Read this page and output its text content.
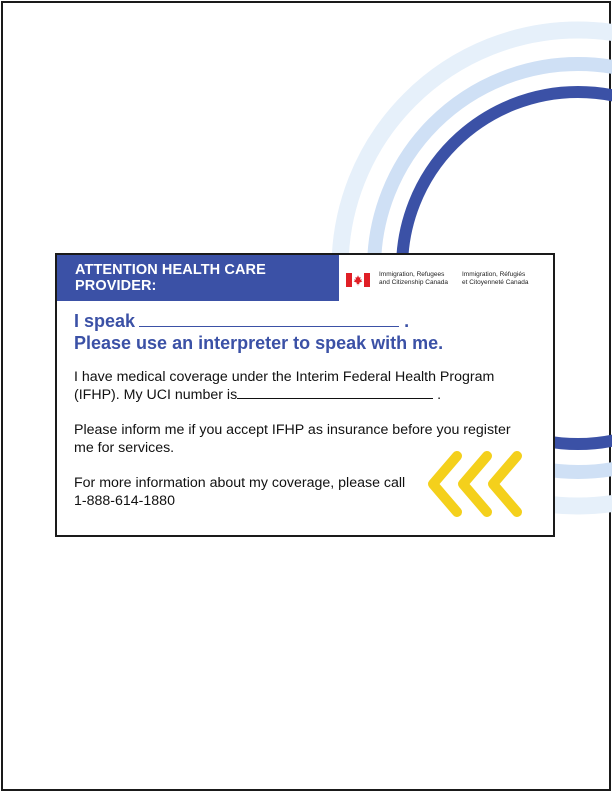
ATTENTION HEALTH CARE PROVIDER:
Immigration, Refugees
and Citizenship Canada
Immigration, Réfugiés
et Citoyenneté Canada
I speak	.
Please use an interpreter to speak with me.
I have medical coverage under the Interim Federal Health Program (IFHP). My UCI number is	.
Please inform me if you accept IFHP as insurance before you register me for services.
For more information about my coverage, please call 1-888-614-1880
